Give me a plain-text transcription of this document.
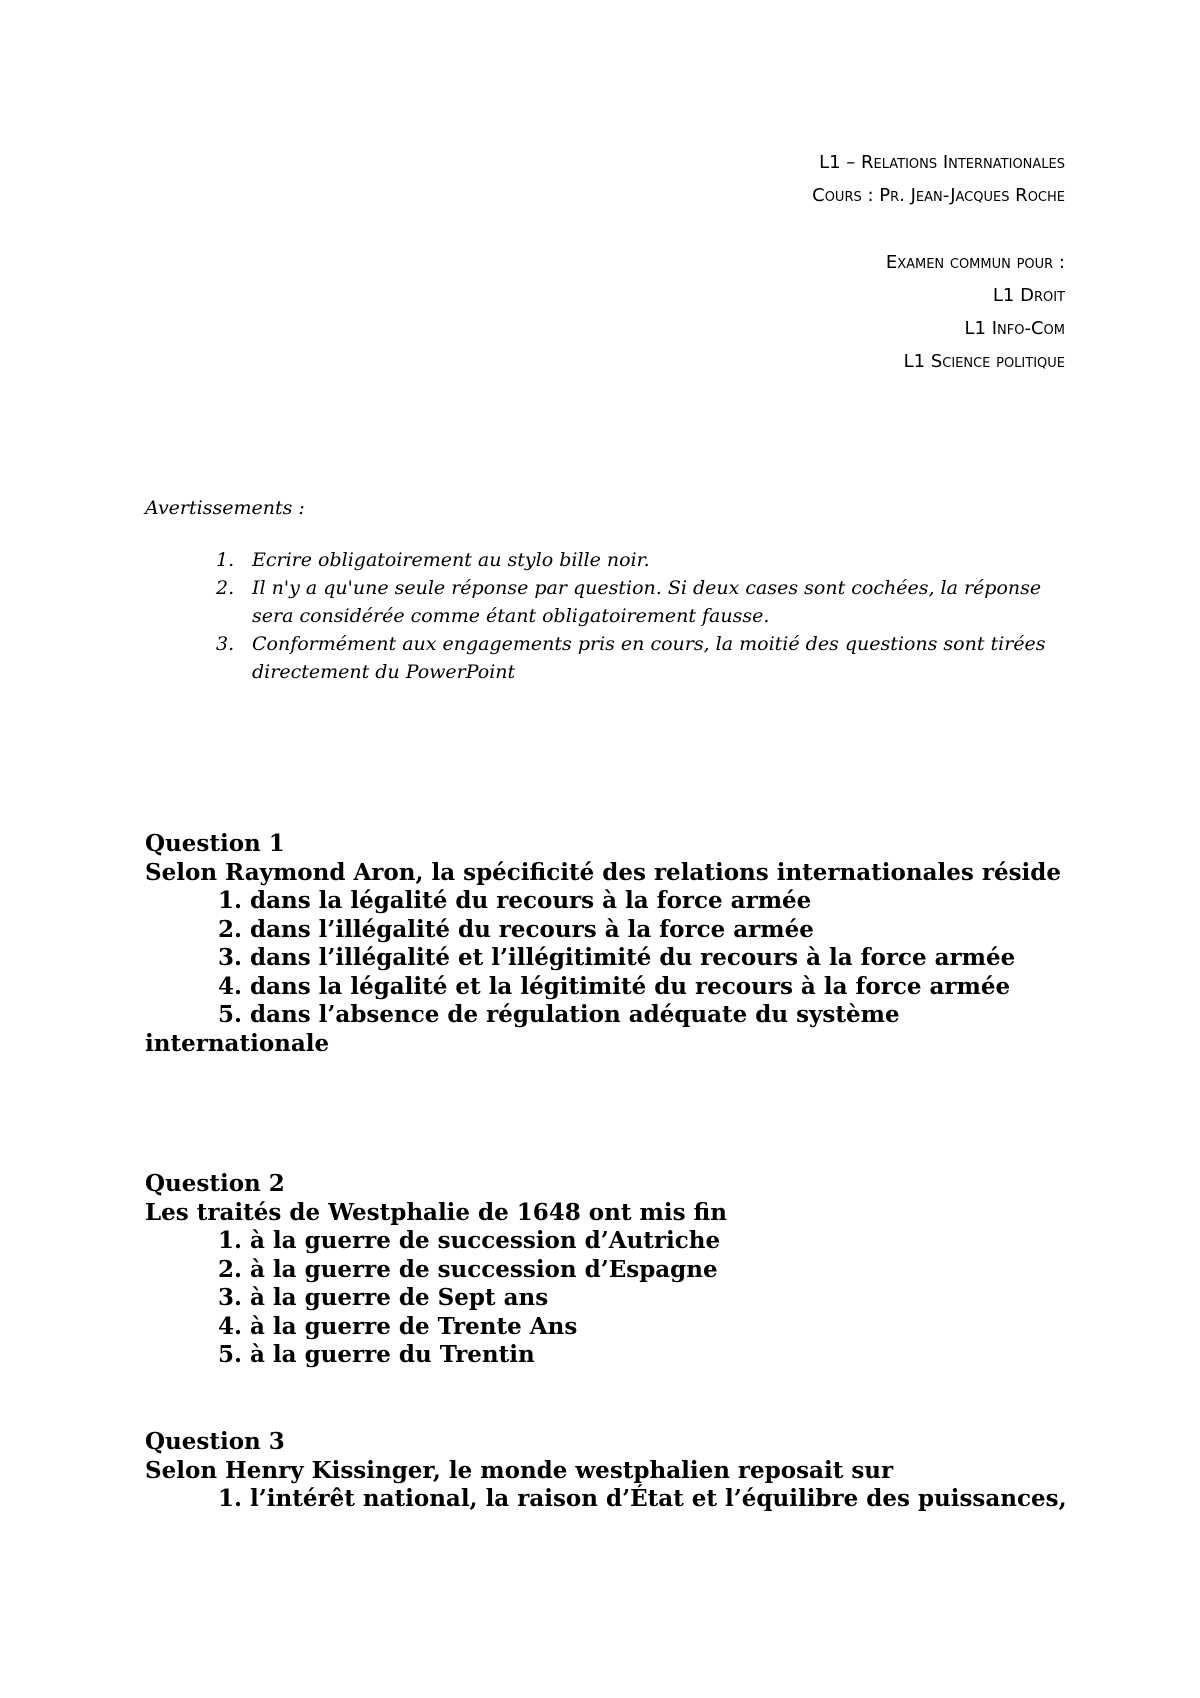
L1 – Relations Internationales
Cours : Pr. Jean-Jacques Roche
Examen commun pour :
L1 Droit
L1 Info-Com
L1 Science politique
Avertissements :
1. Ecrire obligatoirement au stylo bille noir.
2. Il n'y a qu'une seule réponse par question. Si deux cases sont cochées, la réponse sera considérée comme étant obligatoirement fausse.
3. Conformément aux engagements pris en cours, la moitié des questions sont tirées directement du PowerPoint
Question 1
Selon Raymond Aron, la spécificité des relations internationales réside
1. dans la légalité du recours à la force armée
2. dans l’illégalité du recours à la force armée
3. dans l’illégalité et l’illégitimité du recours à la force armée
4. dans la légalité et la légitimité du recours à la force armée
5. dans l’absence de régulation adéquate du système internationale
Question 2
Les traités de Westphalie de 1648 ont mis fin
1. à la guerre de succession d’Autriche
2. à la guerre de succession d’Espagne
3. à la guerre de Sept ans
4. à la guerre de Trente Ans
5. à la guerre du Trentin
Question 3
Selon Henry Kissinger, le monde westphalien reposait sur
1. l’intérêt national, la raison d’État et l’équilibre des puissances,
